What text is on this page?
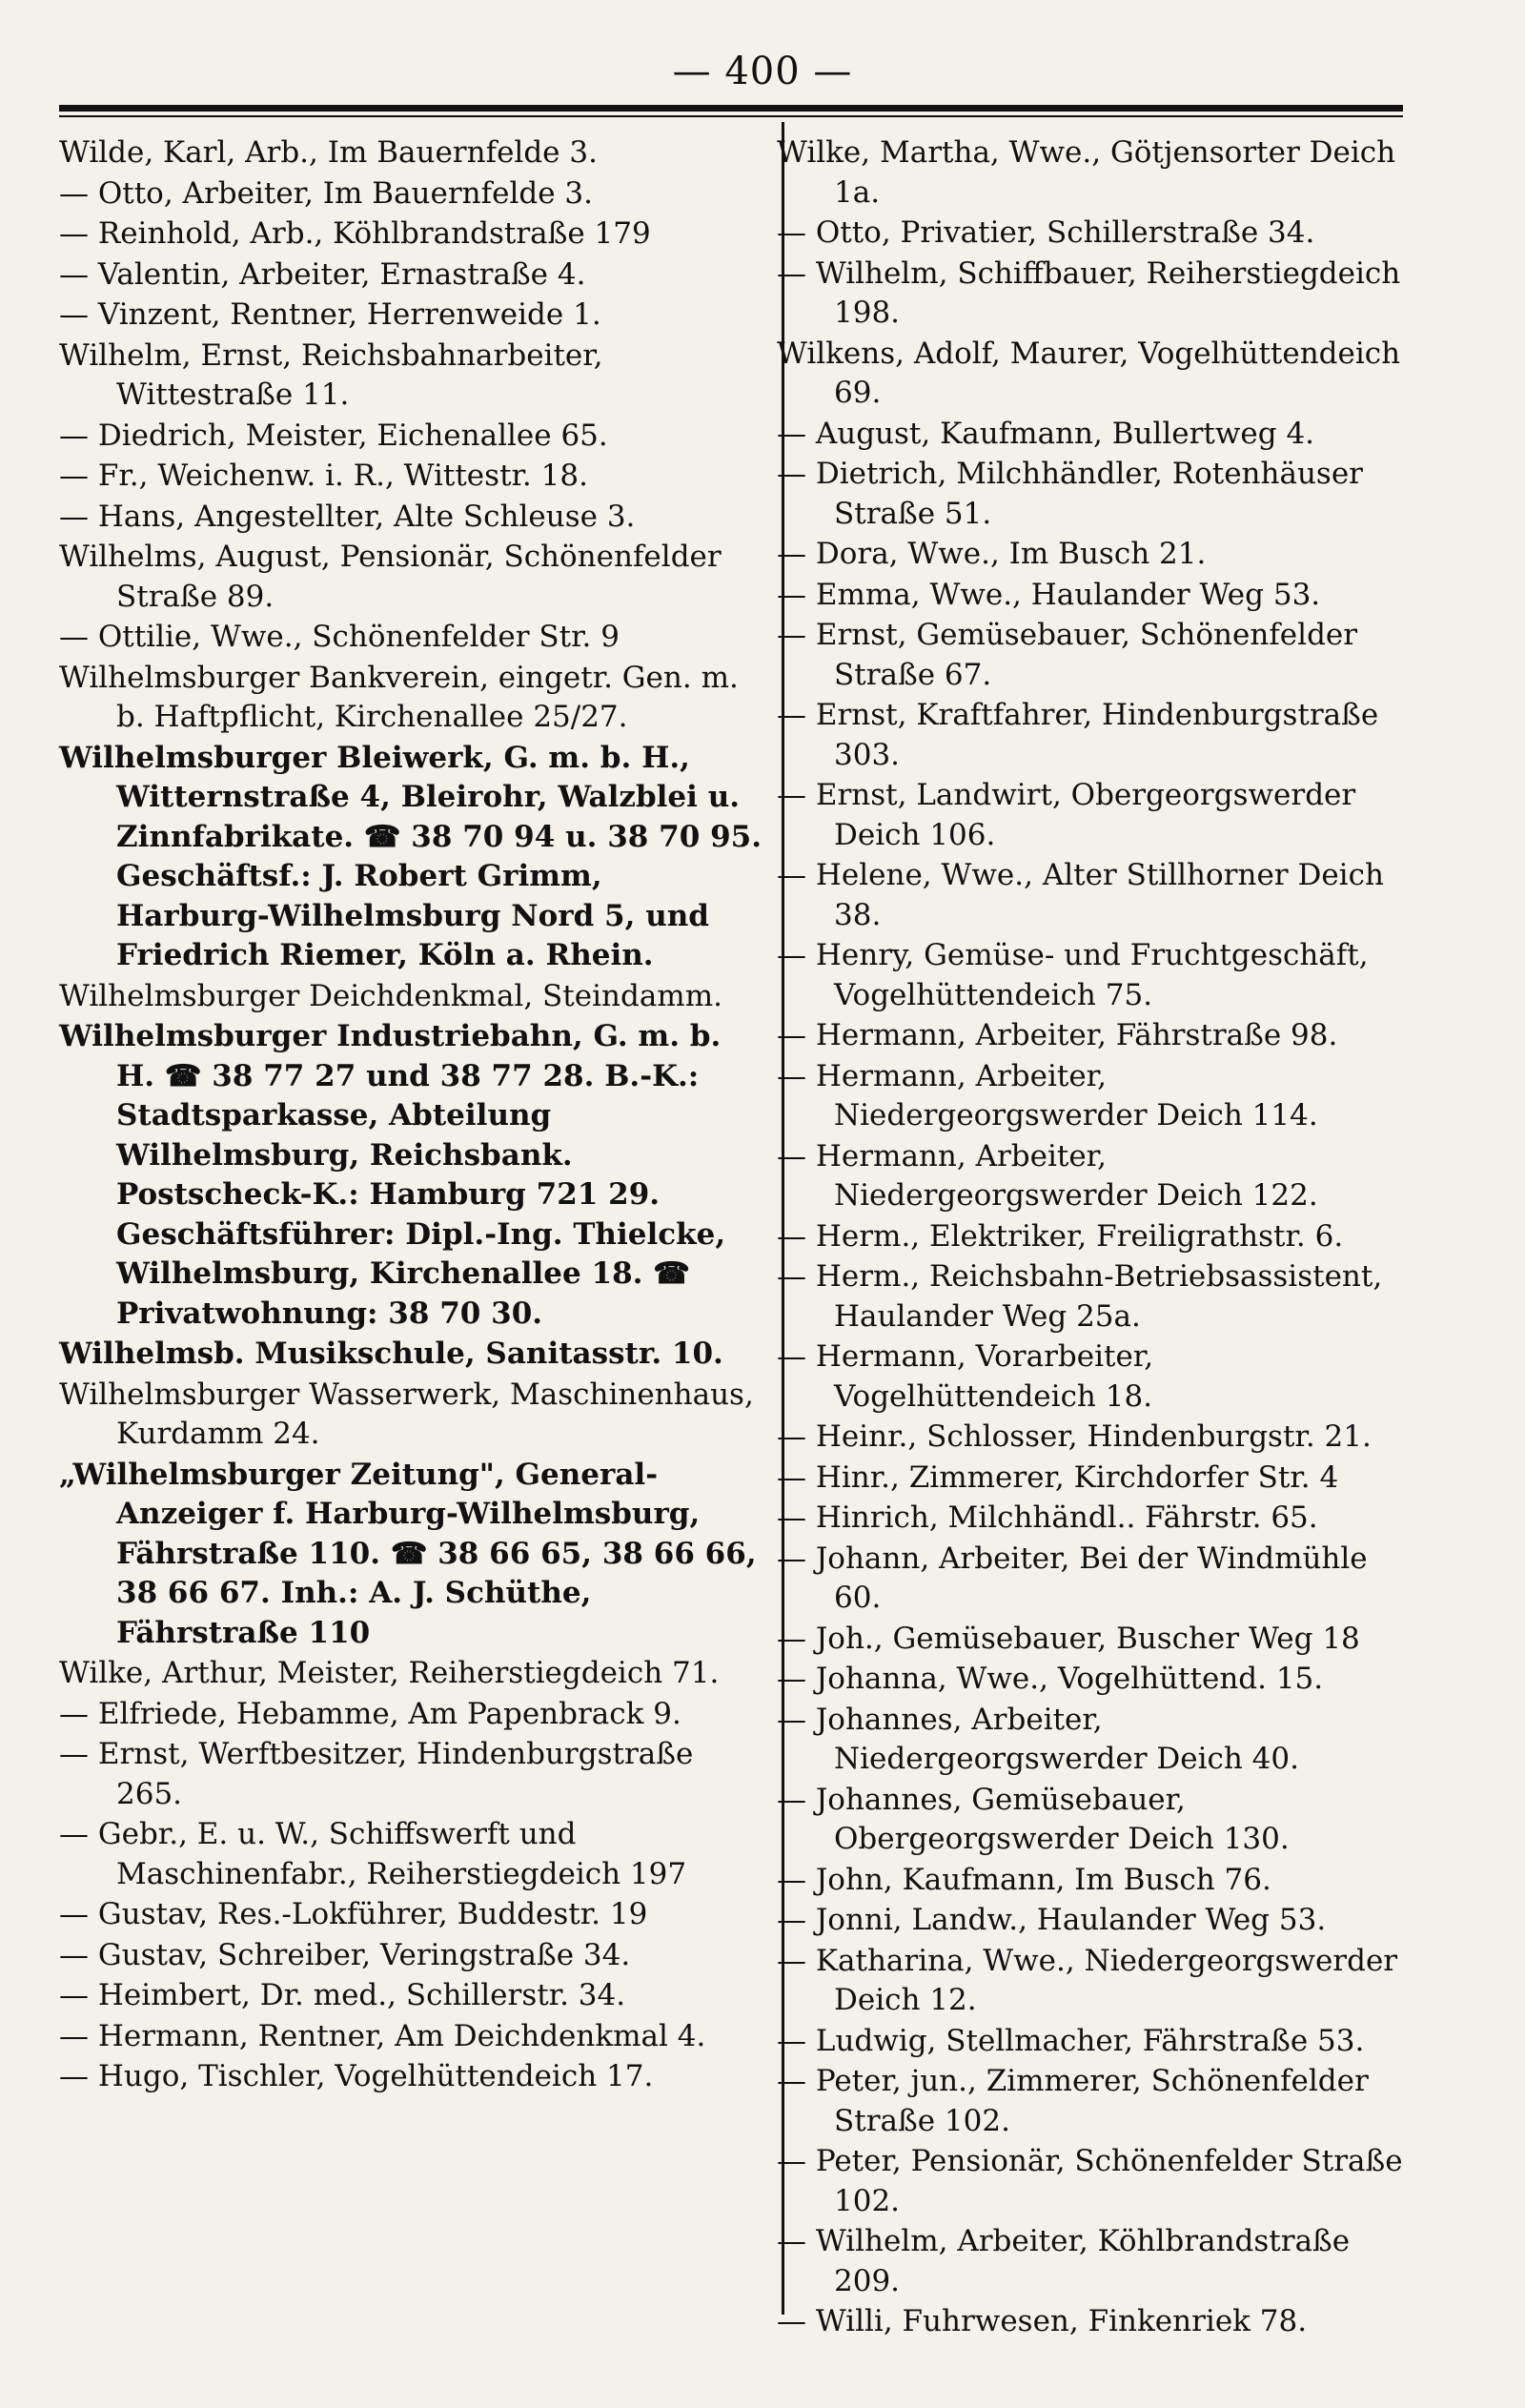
— 400 —

Wilde, Karl, Arb., Im Bauernfelde 3.

— Otto, Arbeiter, Im Bauernfelde 3.

— Reinhold, Arb., Köhlbrandstraße 179

— Valentin, Arbeiter, Ernastraße 4.

— Vinzent, Rentner, Herrenweide 1.

Wilhelm, Ernst, Reichsbahnarbeiter, Wittestraße 11.

— Diedrich, Meister, Eichenallee 65.

— Fr., Weichenw. i. R., Wittestr. 18.

— Hans, Angestellter, Alte Schleuse 3.

Wilhelms, August, Pensionär, Schönenfelder Straße 89.

— Ottilie, Wwe., Schönenfelder Str. 9

Wilhelmsburger Bankverein, eingetr. Gen. m. b. Haftpflicht, Kirchenallee 25/27.

Wilhelmsburger Bleiwerk, G. m. b. H., Witternstraße 4, Bleirohr, Walzblei u. Zinnfabrikate. ☎ 38 70 94 u. 38 70 95. Geschäftsf.: J. Robert Grimm, Harburg-Wilhelmsburg Nord 5, und Friedrich Riemer, Köln a. Rhein.

Wilhelmsburger Deichdenkmal, Steindamm.

Wilhelmsburger Industriebahn, G. m. b. H. ☎ 38 77 27 und 38 77 28. B.-K.: Stadtsparkasse, Abteilung Wilhelmsburg, Reichsbank. Postscheck-K.: Hamburg 721 29. Geschäftsführer: Dipl.-Ing. Thielcke, Wilhelmsburg, Kirchenallee 18. ☎ Privatwohnung: 38 70 30.

Wilhelmsb. Musikschule, Sanitasstr. 10.

Wilhelmsburger Wasserwerk, Maschinenhaus, Kurdamm 24.

„Wilhelmsburger Zeitung", General-Anzeiger f. Harburg-Wilhelmsburg, Fährstraße 110. ☎ 38 66 65, 38 66 66, 38 66 67. Inh.: A. J. Schüthe, Fährstraße 110

Wilke, Arthur, Meister, Reiherstiegdeich 71.

— Elfriede, Hebamme, Am Papenbrack 9.

— Ernst, Werftbesitzer, Hindenburgstraße 265.

— Gebr., E. u. W., Schiffswerft und Maschinenfabr., Reiherstiegdeich 197

— Gustav, Res.-Lokführer, Buddestr. 19

— Gustav, Schreiber, Veringstraße 34.

— Heimbert, Dr. med., Schillerstr. 34.

— Hermann, Rentner, Am Deichdenkmal 4.

— Hugo, Tischler, Vogelhüttendeich 17.

Wilke, Martha, Wwe., Götjensorter Deich 1a.

— Otto, Privatier, Schillerstraße 34.

— Wilhelm, Schiffbauer, Reiherstiegdeich 198.

Wilkens, Adolf, Maurer, Vogelhüttendeich 69.

— August, Kaufmann, Bullertweg 4.

— Dietrich, Milchhändler, Rotenhäuser Straße 51.

— Dora, Wwe., Im Busch 21.

— Emma, Wwe., Haulander Weg 53.

— Ernst, Gemüsebauer, Schönenfelder Straße 67.

— Ernst, Kraftfahrer, Hindenburgstraße 303.

— Ernst, Landwirt, Obergeorgswerder Deich 106.

— Helene, Wwe., Alter Stillhorner Deich 38.

— Henry, Gemüse- und Fruchtgeschäft, Vogelhüttendeich 75.

— Hermann, Arbeiter, Fährstraße 98.

— Hermann, Arbeiter, Niedergeorgswerder Deich 114.

— Hermann, Arbeiter, Niedergeorgswerder Deich 122.

— Herm., Elektriker, Freiligrathstr. 6.

— Herm., Reichsbahn-Betriebsassistent, Haulander Weg 25a.

— Hermann, Vorarbeiter, Vogelhüttendeich 18.

— Heinr., Schlosser, Hindenburgstr. 21.

— Hinr., Zimmerer, Kirchdorfer Str. 4

— Hinrich, Milchhändl.. Fährstr. 65.

— Johann, Arbeiter, Bei der Windmühle 60.

— Joh., Gemüsebauer, Buscher Weg 18

— Johanna, Wwe., Vogelhüttend. 15.

— Johannes, Arbeiter, Niedergeorgswerder Deich 40.

— Johannes, Gemüsebauer, Obergeorgswerder Deich 130.

— John, Kaufmann, Im Busch 76.

— Jonni, Landw., Haulander Weg 53.

— Katharina, Wwe., Niedergeorgswerder Deich 12.

— Ludwig, Stellmacher, Fährstraße 53.

— Peter, jun., Zimmerer, Schönenfelder Straße 102.

— Peter, Pensionär, Schönenfelder Straße 102.

— Wilhelm, Arbeiter, Köhlbrandstraße 209.

— Willi, Fuhrwesen, Finkenriek 78.
